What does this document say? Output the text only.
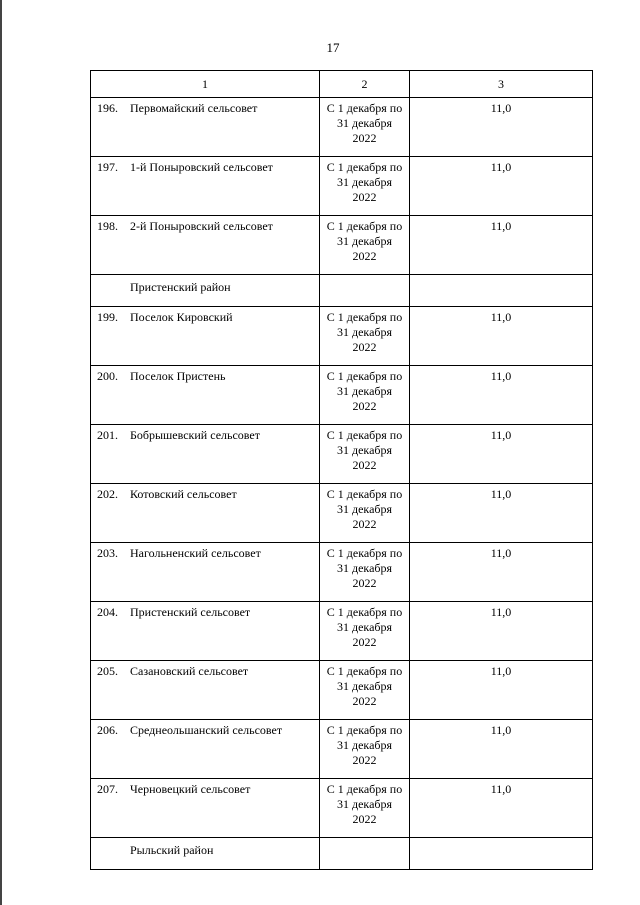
17
1	2	3
196. Первомайский сельсовет	С 1 декабря по
31 декабря
2022	11,0
197. 1-й Поныровский сельсовет	С 1 декабря по
31 декабря
2022	11,0
198. 2-й Поныровский сельсовет	С 1 декабря по
31 декабря
2022	11,0
Пристенский район		
199. Поселок Кировский	С 1 декабря по
31 декабря
2022	11,0
200. Поселок Пристень	С 1 декабря по
31 декабря
2022	11,0
201. Бобрышевский сельсовет	С 1 декабря по
31 декабря
2022	11,0
202. Котовский сельсовет	С 1 декабря по
31 декабря
2022	11,0
203. Нагольненский сельсовет	С 1 декабря по
31 декабря
2022	11,0
204. Пристенский сельсовет	С 1 декабря по
31 декабря
2022	11,0
205. Сазановский сельсовет	С 1 декабря по
31 декабря
2022	11,0
206. Среднеольшанский сельсовет	С 1 декабря по
31 декабря
2022	11,0
207. Черновецкий сельсовет	С 1 декабря по
31 декабря
2022	11,0
Рыльский район		
